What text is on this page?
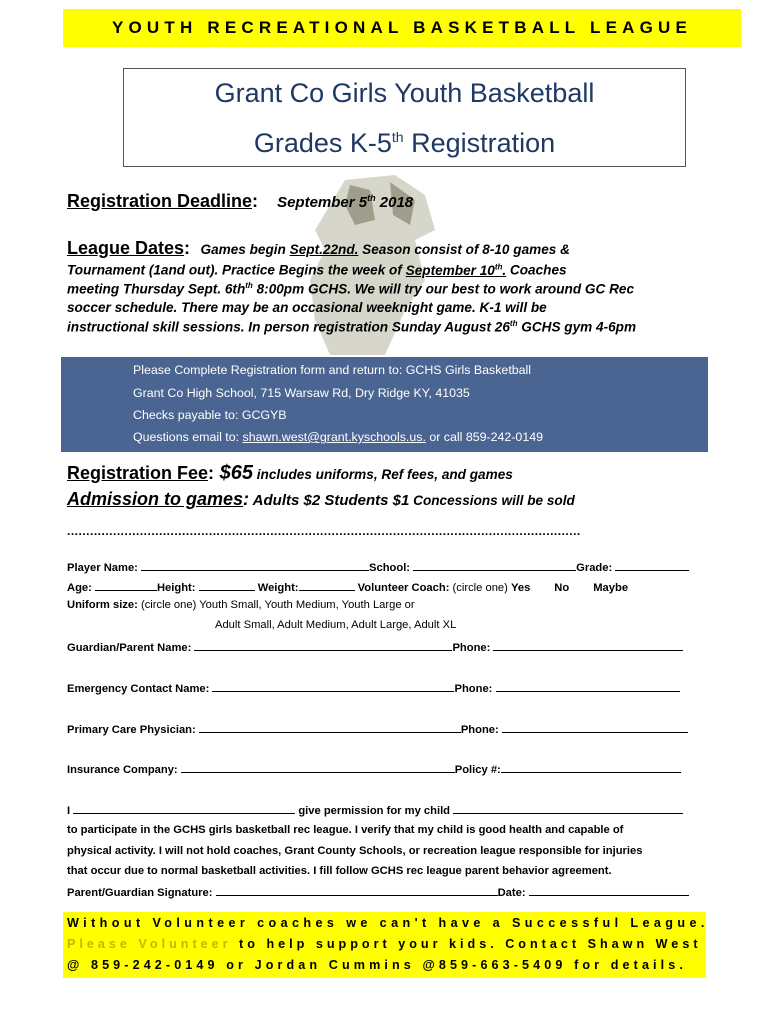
YOUTH RECREATIONAL BASKETBALL LEAGUE
Grant Co Girls Youth Basketball
Grades K-5th Registration
Registration Deadline: September 5th 2018
League Dates: Games begin Sept.22nd. Season consist of 8-10 games &
Tournament (1and out). Practice Begins the week of September 10th. Coaches
meeting Thursday Sept. $6th^{th}$ 8:00pm GCHS. We will try our best to work around GC Rec
soccer schedule. There may be an occasional weeknight game. K-1 will be
instructional skill sessions. In person registration Sunday August 26th GCHS gym 4-6pm
Please Complete Registration form and return to: GCHS Girls Basketball
Grant Co High School, 715 Warsaw Rd, Dry Ridge KY, 41035
Checks payable to: GCGYB
Questions email to: shawn.west@grant.kyschools.us. or call 859-242-0149
Registration Fee: $65 includes uniforms, Ref fees, and games
Admission to games: Adults $2 Students $1 Concessions will be sold
......................................................................................................................................
Player Name:	School:	Grade:
Age:	Height:	Weight:	Volunteer Coach: (circle one) Yes No Maybe
Uniform size: (circle one) Youth Small, Youth Medium, Youth Large or
Adult Small, Adult Medium, Adult Large, Adult XL
Guardian/Parent Name:	Phone:
Emergency Contact Name:	Phone:
Primary Care Physician:	Phone:
Insurance Company:	Policy #:
I	give permission for my child
to participate in the GCHS girls basketball rec league. I verify that my child is good health and capable of
physical activity. I will not hold coaches, Grant County Schools, or recreation league responsible for injuries
that occur due to normal basketball activities. I fill follow GCHS rec league parent behavior agreement.
Parent/Guardian Signature:	Date:
Without Volunteer coaches we can't have a Successful League.
Please Volunteer to help support your kids. Contact Shawn West
@ 859-242-0149 or Jordan Cummins @859-663-5409 for details.
